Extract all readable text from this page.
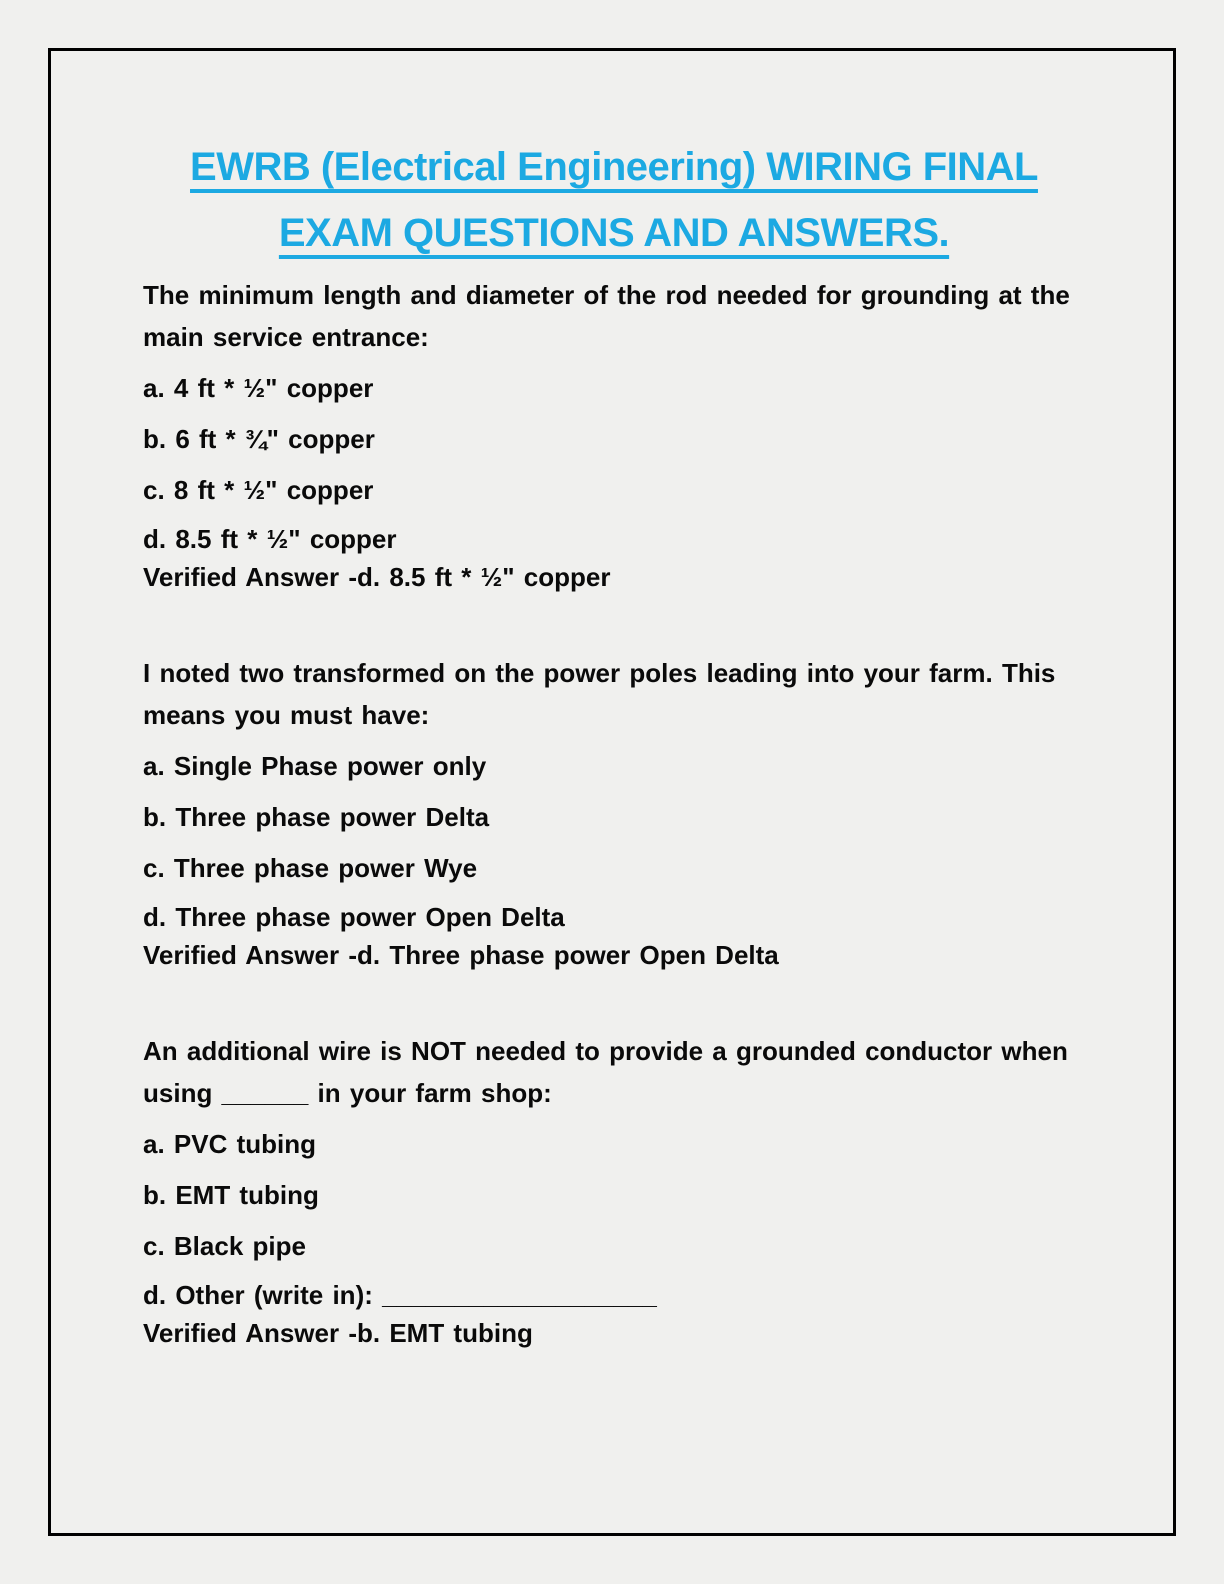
EWRB (Electrical Engineering) WIRING FINAL
EXAM QUESTIONS AND ANSWERS.

The minimum length and diameter of the rod needed for grounding at the
main service entrance:

a. 4 ft * ½" copper

b. 6 ft * ¾" copper

c. 8 ft * ½" copper

d. 8.5 ft * ½" copper
Verified Answer -d. 8.5 ft * ½" copper

I noted two transformed on the power poles leading into your farm. This
means you must have:

a. Single Phase power only

b. Three phase power Delta

c. Three phase power Wye

d. Three phase power Open Delta
Verified Answer -d. Three phase power Open Delta

An additional wire is NOT needed to provide a grounded conductor when
using ______ in your farm shop:

a. PVC tubing

b. EMT tubing

c. Black pipe

d. Other (write in): ___________________
Verified Answer -b. EMT tubing
